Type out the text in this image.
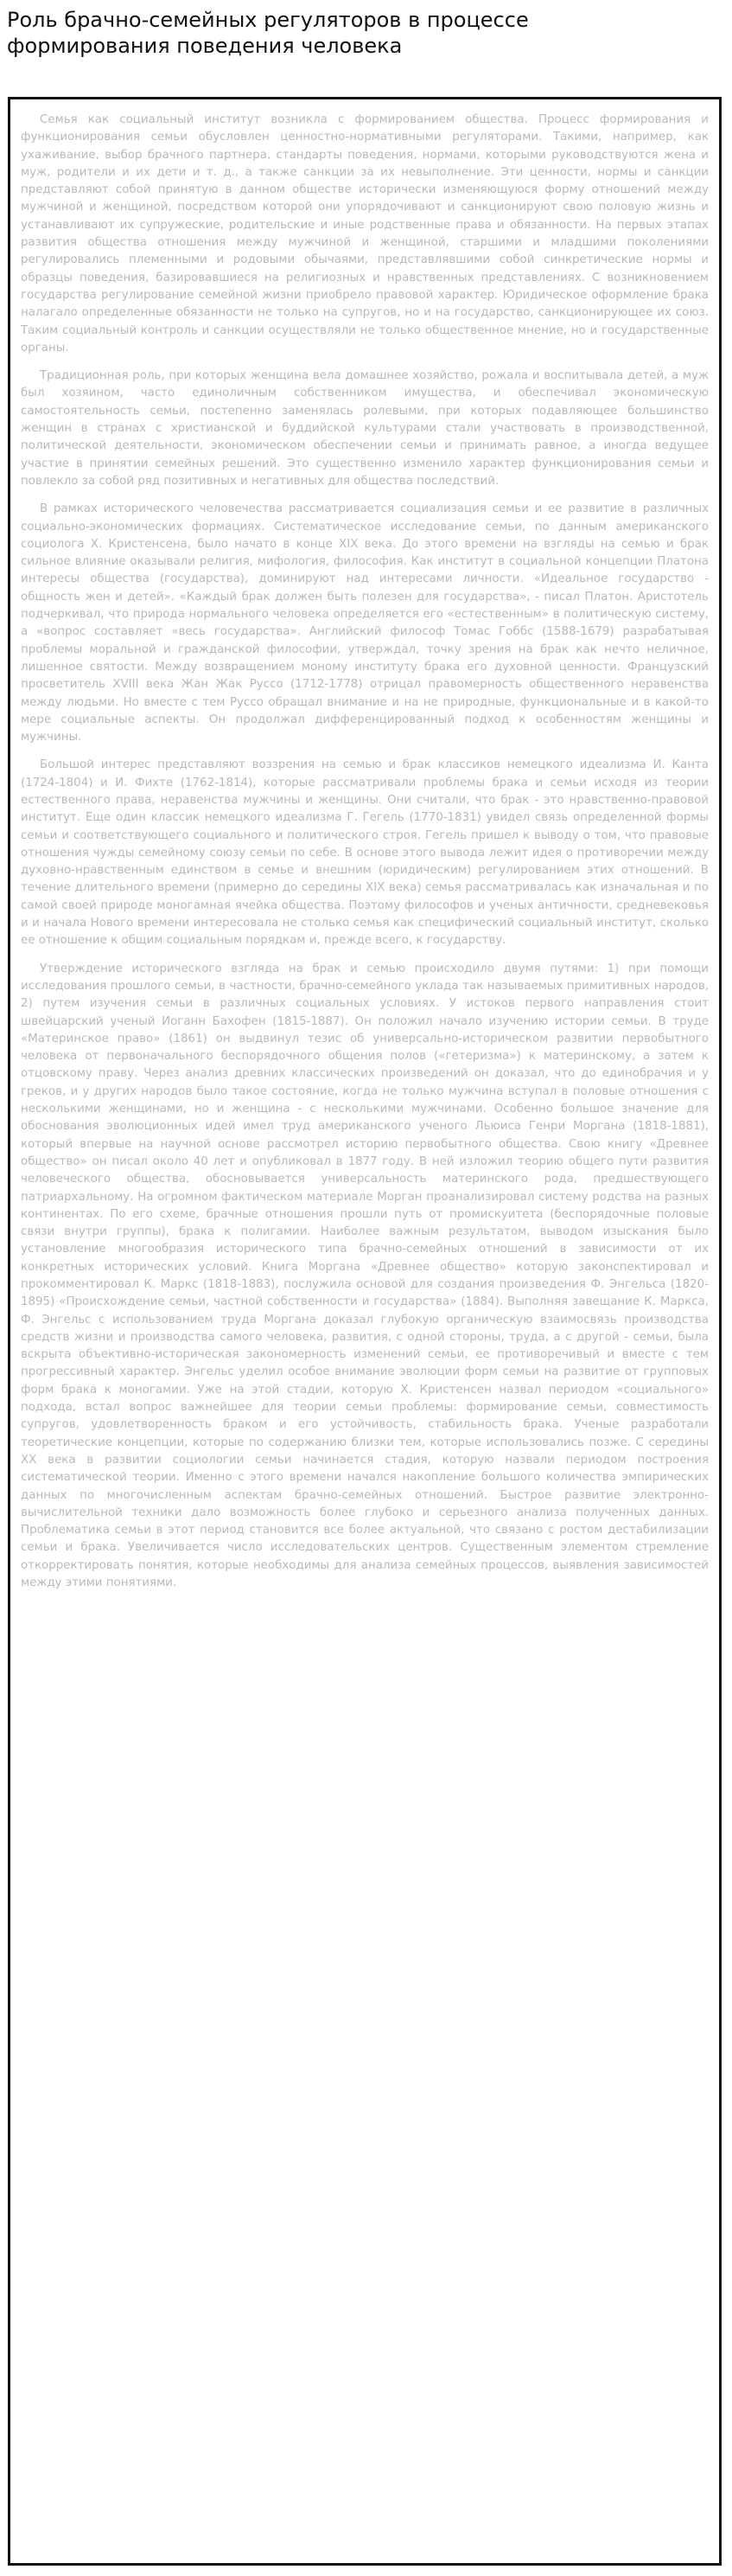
Роль брачно-семейных регуляторов в процессе формирования поведения человека

Семья как социальный институт возникла с формированием общества. Процесс формирования и функционирования семьи обусловлен ценностно-нормативными регуляторами. Такими, например, как ухаживание, выбор брачного партнера, стандарты поведения, нормами, которыми руководствуются жена и муж, родители и их дети и т. д., а также санкции за их невыполнение. Эти ценности, нормы и санкции представляют собой принятую в данном обществе исторически изменяющуюся форму отношений между мужчиной и женщиной, посредством которой они упорядочивают и санкционируют свою половую жизнь и устанавливают их супружеские, родительские и иные родственные права и обязанности. На первых этапах развития общества отношения между мужчиной и женщиной, старшими и младшими поколениями регулировались племенными и родовыми обычаями, представлявшими собой синкретические нормы и образцы поведения, базировавшиеся на религиозных и нравственных представлениях. С возникновением государства регулирование семейной жизни приобрело правовой характер. Юридическое оформление брака налагало определенные обязанности не только на супругов, но и на государство, санкционирующее их союз. Таким социальный контроль и санкции осуществляли не только общественное мнение, но и государственные органы.

Традиционная роль, при которых женщина вела домашнее хозяйство, рожала и воспитывала детей, а муж был хозяином, часто единоличным собственником имущества, и обеспечивал экономическую самостоятельность семьи, постепенно заменялась ролевыми, при которых подавляющее большинство женщин в странах с христианской и буддийской культурами стали участвовать в производственной, политической деятельности, экономическом обеспечении семьи и принимать равное, а иногда ведущее участие в принятии семейных решений. Это существенно изменило характер функционирования семьи и повлекло за собой ряд позитивных и негативных для общества последствий.

В рамках исторического человечества рассматривается социализация семьи и ее развитие в различных социально-экономических формациях. Систематическое исследование семьи, по данным американского социолога Х. Кристенсена, было начато в конце XIX века. До этого времени на взгляды на семью и брак сильное влияние оказывали религия, мифология, философия. Как институт в социальной концепции Платона интересы общества (государства), доминируют над интересами личности. «Идеальное государство - общность жен и детей». «Каждый брак должен быть полезен для государства», - писал Платон. Аристотель подчеркивал, что природа нормального человека определяется его «естественным» в политическую систему, а «вопрос составляет «весь государства». Английский философ Томас Гоббс (1588-1679) разрабатывая проблемы моральной и гражданской философии, утверждал, точку зрения на брак как нечто неличное, лишенное святости. Между возвращением моному институту брака его духовной ценности. Французский просветитель XVIII века Жан Жак Руссо (1712-1778) отрицал правомерность общественного неравенства между людьми. Но вместе с тем Руссо обращал внимание и на не природные, функциональные и в какой-то мере социальные аспекты. Он продолжал дифференцированный подход к особенностям женщины и мужчины.

Большой интерес представляют воззрения на семью и брак классиков немецкого идеализма И. Канта (1724-1804) и И. Фихте (1762-1814), которые рассматривали проблемы брака и семьи исходя из теории естественного права, неравенства мужчины и женщины. Они считали, что брак - это нравственно-правовой институт. Еще один классик немецкого идеализма Г. Гегель (1770-1831) увидел связь определенной формы семьи и соответствующего социального и политического строя. Гегель пришел к выводу о том, что правовые отношения чужды семейному союзу семьи по себе. В основе этого вывода лежит идея о противоречии между духовно-нравственным единством в семье и внешним (юридическим) регулированием этих отношений. В течение длительного времени (примерно до середины XIX века) семья рассматривалась как изначальная и по самой своей природе моногамная ячейка общества. Поэтому философов и ученых античности, средневековья и и начала Нового времени интересовала не столько семья как специфический социальный институт, сколько ее отношение к общим социальным порядкам и, прежде всего, к государству.

Утверждение исторического взгляда на брак и семью происходило двумя путями: 1) при помощи исследования прошлого семьи, в частности, брачно-семейного уклада так называемых примитивных народов, 2) путем изучения семьи в различных социальных условиях. У истоков первого направления стоит швейцарский ученый Иоганн Бахофен (1815-1887). Он положил начало изучению истории семьи. В труде «Материнское право» (1861) он выдвинул тезис об универсально-историческом развитии первобытного человека от первоначального беспорядочного общения полов («гетеризма») к материнскому, а затем к отцовскому праву. Через анализ древних классических произведений он доказал, что до единобрачия и у греков, и у других народов было такое состояние, когда не только мужчина вступал в половые отношения с несколькими женщинами, но и женщина - с несколькими мужчинами. Особенно большое значение для обоснования эволюционных идей имел труд американского ученого Льюиса Генри Моргана (1818-1881), который впервые на научной основе рассмотрел историю первобытного общества. Свою книгу «Древнее общество» он писал около 40 лет и опубликовал в 1877 году. В ней изложил теорию общего пути развития человеческого общества, обосновывается универсальность материнского рода, предшествующего патриархальному. На огромном фактическом материале Морган проанализировал систему родства на разных континентах. По его схеме, брачные отношения прошли путь от промискуитета (беспорядочные половые связи внутри группы), брака к полигамии. Наиболее важным результатом, выводом изыскания было установление многообразия исторического типа брачно-семейных отношений в зависимости от их конкретных исторических условий. Книга Моргана «Древнее общество» которую законспектировал и прокомментировал К. Маркс (1818-1883), послужила основой для создания произведения Ф. Энгельса (1820-1895) «Происхождение семьи, частной собственности и государства» (1884). Выполняя завещание К. Маркса, Ф. Энгельс с использованием труда Моргана доказал глубокую органическую взаимосвязь производства средств жизни и производства самого человека, развития, с одной стороны, труда, а с другой - семьи, была вскрыта объективно-историческая закономерность изменений семьи, ее противоречивый и вместе с тем прогрессивный характер. Энгельс уделил особое внимание эволюции форм семьи на развитие от групповых форм брака к моногамии. Уже на этой стадии, которую Х. Кристенсен назвал периодом «социального» подхода, встал вопрос важнейшее для теории семьи проблемы: формирование семьи, совместимость супругов, удовлетворенность браком и его устойчивость, стабильность брака. Ученые разработали теоретические концепции, которые по содержанию близки тем, которые использовались позже. С середины XX века в развитии социологии семьи начинается стадия, которую назвали периодом построения систематической теории. Именно с этого времени начался накопление большого количества эмпирических данных по многочисленным аспектам брачно-семейных отношений. Быстрое развитие электронно-вычислительной техники дало возможность более глубоко и серьезного анализа полученных данных. Проблематика семьи в этот период становится все более актуальной, что связано с ростом дестабилизации семьи и брака. Увеличивается число исследовательских центров. Существенным элементом стремление откорректировать понятия, которые необходимы для анализа семейных процессов, выявления зависимостей между этими понятиями.
